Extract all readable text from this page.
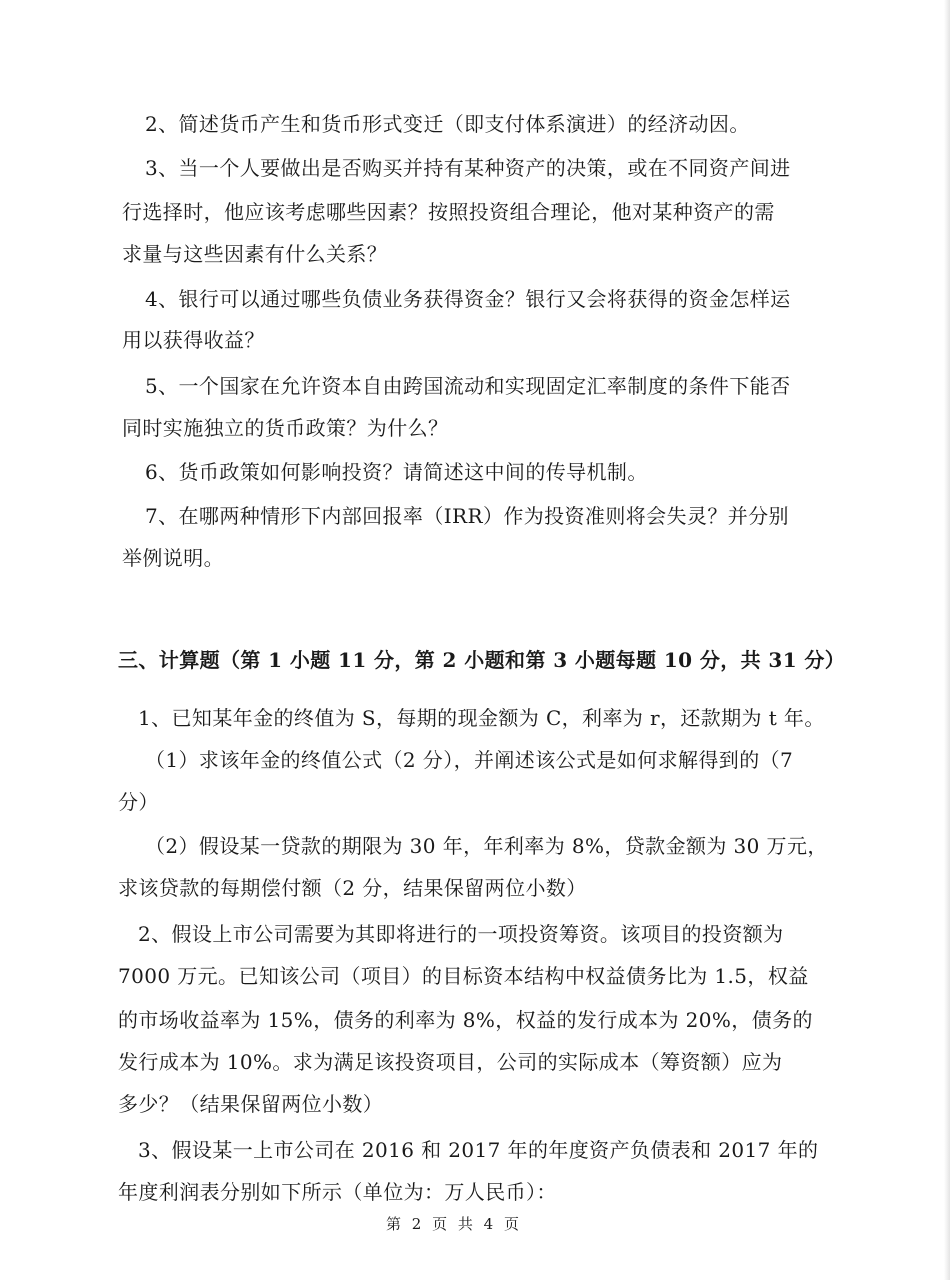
2、简述货币产生和货币形式变迁（即支付体系演进）的经济动因。
3、当一个人要做出是否购买并持有某种资产的决策，或在不同资产间进
行选择时，他应该考虑哪些因素？按照投资组合理论，他对某种资产的需
求量与这些因素有什么关系？
4、银行可以通过哪些负债业务获得资金？银行又会将获得的资金怎样运
用以获得收益？
5、一个国家在允许资本自由跨国流动和实现固定汇率制度的条件下能否
同时实施独立的货币政策？为什么？
6、货币政策如何影响投资？请简述这中间的传导机制。
7、在哪两种情形下内部回报率（IRR）作为投资准则将会失灵？并分别
举例说明。
三、计算题（第 1 小题 11 分，第 2 小题和第 3 小题每题 10 分，共 31 分）
1、已知某年金的终值为 S，每期的现金额为 C，利率为 r，还款期为 t 年。
（1）求该年金的终值公式（2 分），并阐述该公式是如何求解得到的（7
分）
（2）假设某一贷款的期限为 30 年，年利率为 8%，贷款金额为 30 万元，
求该贷款的每期偿付额（2 分，结果保留两位小数）
2、假设上市公司需要为其即将进行的一项投资筹资。该项目的投资额为
7000 万元。已知该公司（项目）的目标资本结构中权益债务比为 1.5，权益
的市场收益率为 15%，债务的利率为 8%，权益的发行成本为 20%，债务的
发行成本为 10%。求为满足该投资项目，公司的实际成本（筹资额）应为
多少？（结果保留两位小数）
3、假设某一上市公司在 2016 和 2017 年的年度资产负债表和 2017 年的
年度利润表分别如下所示（单位为：万人民币）：
第 2 页 共 4 页
